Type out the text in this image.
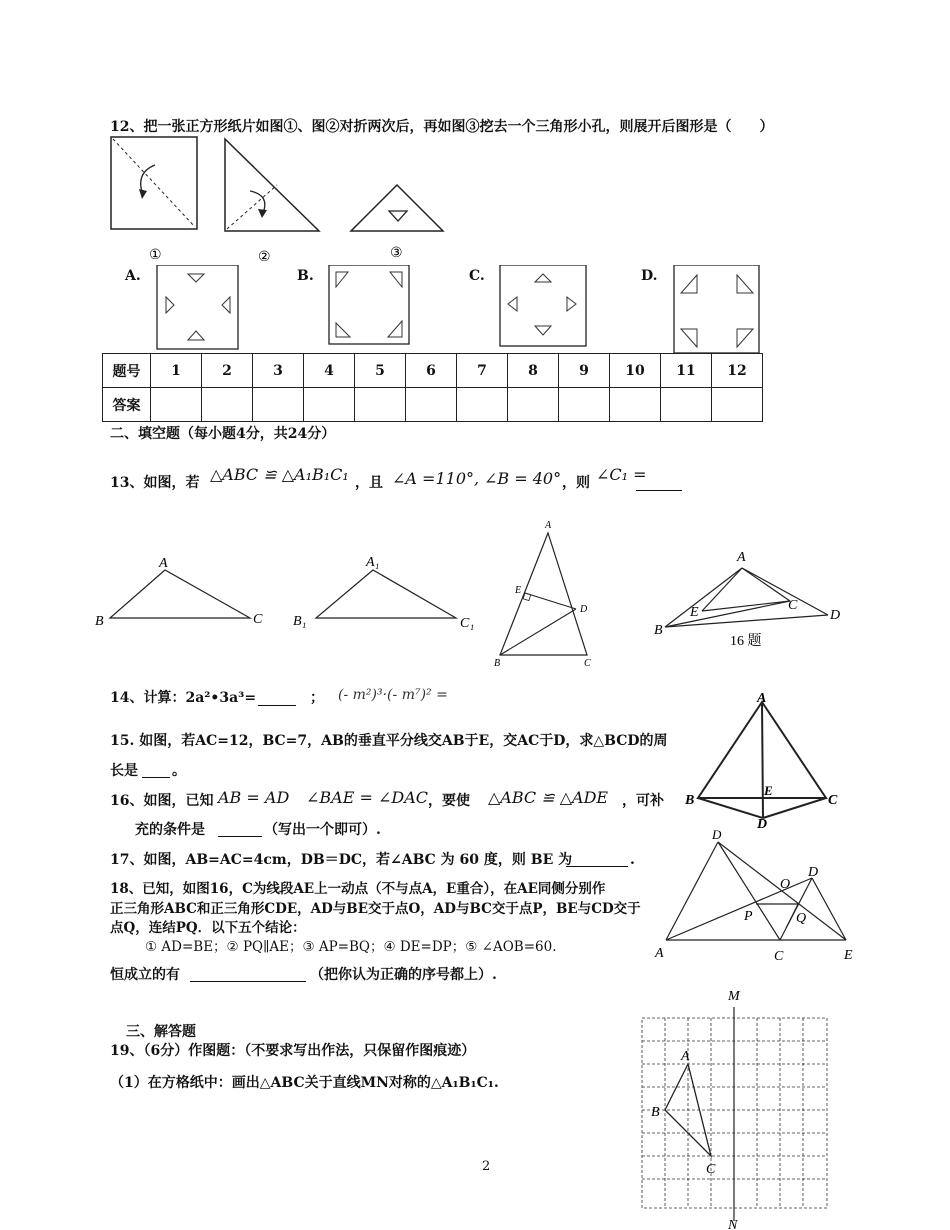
12、把一张正方形纸片如图①、图②对折两次后，再如图③挖去一个三角形小孔，则展开后图形是（　　）
①	②	③
A.	B.	C.	D.
题号	1	2	3	4	5	6	7	8	9	10	11	12
答案												
二、填空题（每小题4分，共24分）
13、如图，若 △ABC ≌ △A₁B₁C₁ ，且 ∠A =110°, ∠B = 40° ，则 ∠C₁ =
A
B	C
A₁
B₁	C₁
A
E
D
B	C
A
B
E	C
D
16 题
14、计算：2a²•3a³=	； (- m²)³·(- m⁷)² =
15. 如图，若AC=12，BC=7，AB的垂直平分线交AB于E，交AC于D，求△BCD的周
长是 。
A
B
E
C
D
16、如图，已知 AB = AD ∠BAE = ∠DAC ，要使 △ABC ≌ △ADE ，可补
充的条件是	（写出一个即可）.
17、如图，AB=AC=4cm，DB＝DC，若∠ABC 为 60 度，则 BE 为	.
D
O
D
P	Q
A	C	E
18、已知，如图16，C为线段AE上一动点（不与点A，E重合），在AE同侧分别作
正三角形ABC和正三角形CDE，AD与BE交于点O，AD与BC交于点P，BE与CD交于
点Q，连结PQ．以下五个结论：
① AD=BE；② PQ∥AE；③ AP=BQ；④ DE=DP；⑤ ∠AOB=60.
恒成立的有	（把你认为正确的序号都上）.
三、解答题
19、（6分）作图题：（不要求写出作法，只保留作图痕迹）
（1）在方格纸中：画出△ABC关于直线MN对称的△A₁B₁C₁.
M
N
A
B
C
2
